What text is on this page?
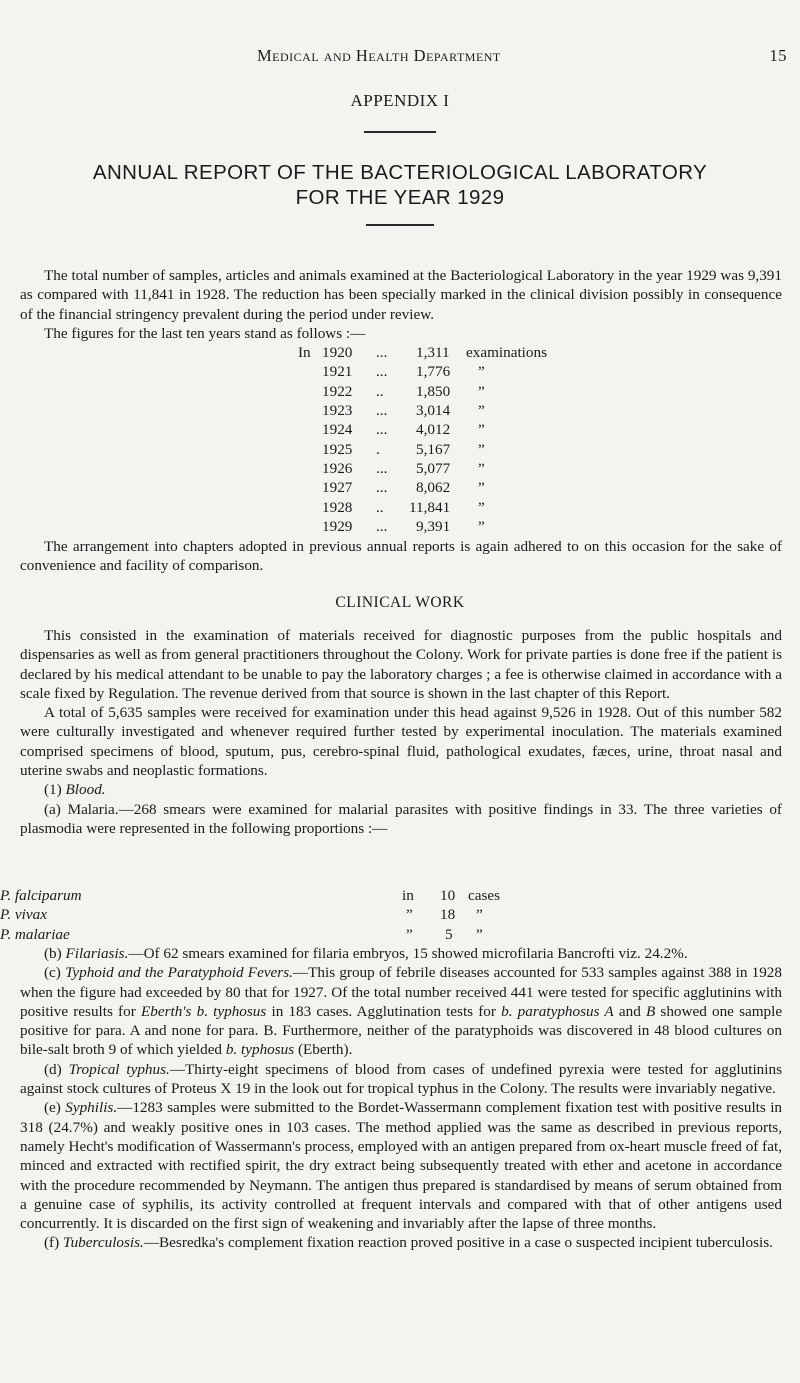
Medical and Health Department	15
APPENDIX I
ANNUAL REPORT OF THE BACTERIOLOGICAL LABORATORY
FOR THE YEAR 1929

The total number of samples, articles and animals examined at the Bacteriological Laboratory in the year 1929 was 9,391 as compared with 11,841 in 1928. The reduction has been specially marked in the clinical division possibly in consequence of the financial stringency prevalent during the period under review.

The figures for the last ten years stand as follows :—

In 1920 ... 1,311 examinations
1921 ... 1,776 ”
1922 .. 1,850 ”
1923 ... 3,014 ”
1924 ... 4,012 ”
1925 . 5,167 ”
1926 ... 5,077 ”
1927 ... 8,062 ”
1928 .. 11,841 ”
1929 ... 9,391 ”

The arrangement into chapters adopted in previous annual reports is again adhered to on this occasion for the sake of convenience and facility of comparison.

CLINICAL WORK

This consisted in the examination of materials received for diagnostic purposes from the public hospitals and dispensaries as well as from general practitioners throughout the Colony. Work for private parties is done free if the patient is declared by his medical attendant to be unable to pay the laboratory charges ; a fee is otherwise claimed in accordance with a scale fixed by Regulation. The revenue derived from that source is shown in the last chapter of this Report.

A total of 5,635 samples were received for examination under this head against 9,526 in 1928. Out of this number 582 were culturally investigated and whenever required further tested by experimental inoculation. The materials examined comprised specimens of blood, sputum, pus, cerebro-spinal fluid, pathological exudates, fæces, urine, throat nasal and uterine swabs and neoplastic formations.

(1) Blood.

(a) Malaria.—268 smears were examined for malarial parasites with positive findings in 33. The three varieties of plasmodia were represented in the following proportions :—

P. falciparum	in 10 cases
P. vivax	” 18 ”
P. malariae	” 5 ”

(b) Filariasis.—Of 62 smears examined for filaria embryos, 15 showed microfilaria Bancrofti viz. 24.2%.

(c) Typhoid and the Paratyphoid Fevers.—This group of febrile diseases accounted for 533 samples against 388 in 1928 when the figure had exceeded by 80 that for 1927. Of the total number received 441 were tested for specific agglutinins with positive results for Eberth's b. typhosus in 183 cases. Agglutination tests for b. paratyphosus A and B showed one sample positive for para. A and none for para. B. Furthermore, neither of the paratyphoids was discovered in 48 blood cultures on bile-salt broth 9 of which yielded b. typhosus (Eberth).

(d) Tropical typhus.—Thirty-eight specimens of blood from cases of undefined pyrexia were tested for agglutinins against stock cultures of Proteus X 19 in the look out for tropical typhus in the Colony. The results were invariably negative.

(e) Syphilis.—1283 samples were submitted to the Bordet-Wassermann complement fixation test with positive results in 318 (24.7%) and weakly positive ones in 103 cases. The method applied was the same as described in previous reports, namely Hecht's modification of Wassermann's process, employed with an antigen prepared from ox-heart muscle freed of fat, minced and extracted with rectified spirit, the dry extract being subsequently treated with ether and acetone in accordance with the procedure recommended by Neymann. The antigen thus prepared is standardised by means of serum obtained from a genuine case of syphilis, its activity controlled at frequent intervals and compared with that of other antigens used concurrently. It is discarded on the first sign of weakening and invariably after the lapse of three months.

(f) Tuberculosis.—Besredka's complement fixation reaction proved positive in a case o suspected incipient tuberculosis.
